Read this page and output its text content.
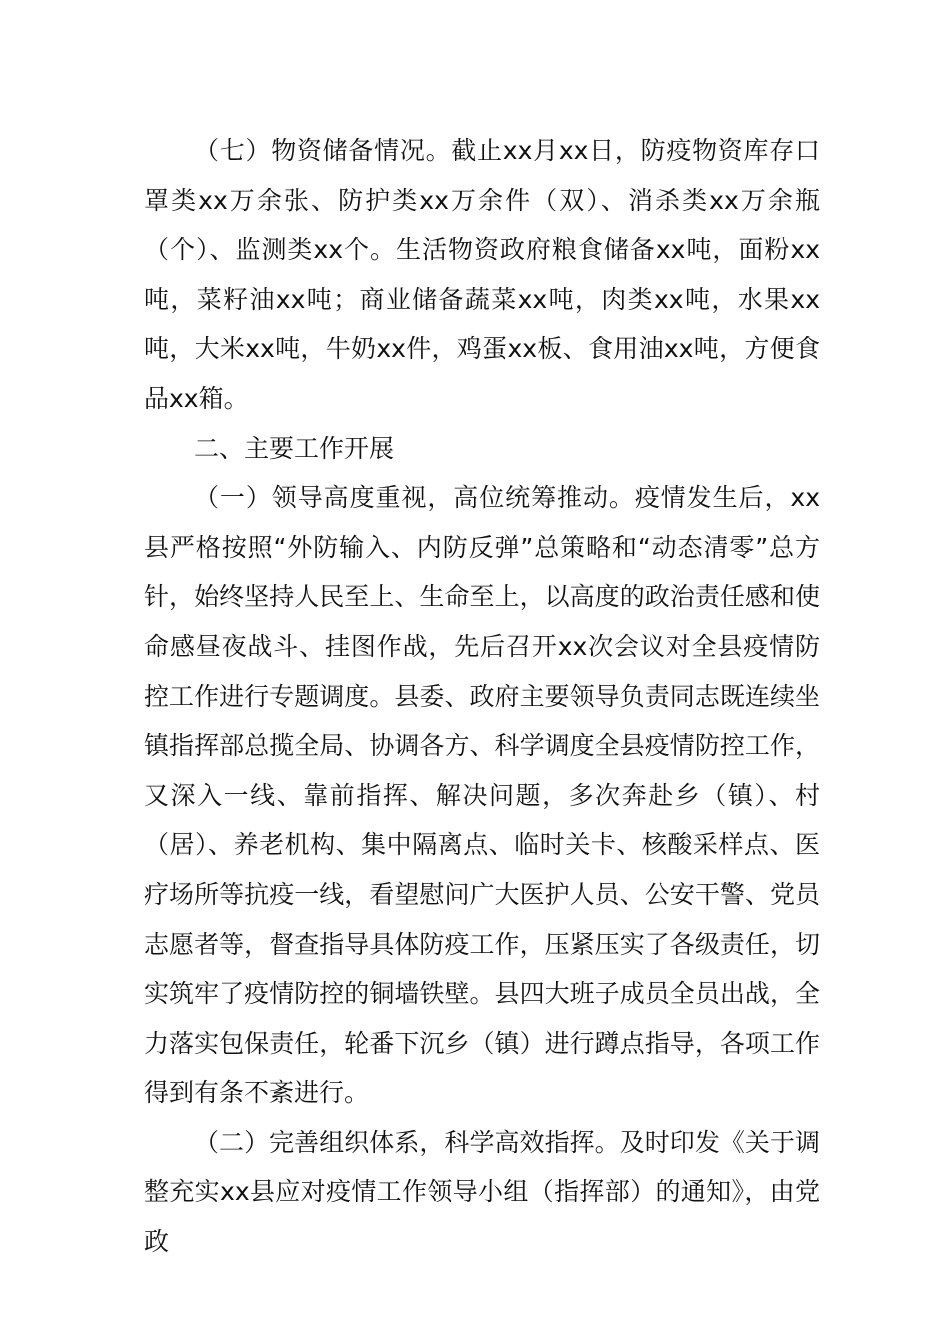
（七）物资储备情况。截止xx月xx日，防疫物资库存口罩类xx万余张、防护类xx万余件（双）、消杀类xx万余瓶（个）、监测类xx个。生活物资政府粮食储备xx吨，面粉xx吨，菜籽油xx吨；商业储备蔬菜xx吨，肉类xx吨，水果xx吨，大米xx吨，牛奶xx件，鸡蛋xx板、食用油xx吨，方便食品xx箱。

二、主要工作开展

（一）领导高度重视，高位统筹推动。疫情发生后，xx县严格按照“外防输入、内防反弹”总策略和“动态清零”总方针，始终坚持人民至上、生命至上，以高度的政治责任感和使命感昼夜战斗、挂图作战，先后召开xx次会议对全县疫情防控工作进行专题调度。县委、政府主要领导负责同志既连续坐镇指挥部总揽全局、协调各方、科学调度全县疫情防控工作，又深入一线、靠前指挥、解决问题，多次奔赴乡（镇）、村（居）、养老机构、集中隔离点、临时关卡、核酸采样点、医疗场所等抗疫一线，看望慰问广大医护人员、公安干警、党员志愿者等，督查指导具体防疫工作，压紧压实了各级责任，切实筑牢了疫情防控的铜墙铁壁。县四大班子成员全员出战，全力落实包保责任，轮番下沉乡（镇）进行蹲点指导，各项工作得到有条不紊进行。

（二）完善组织体系，科学高效指挥。及时印发《关于调整充实xx县应对疫情工作领导小组（指挥部）的通知》，由党政
